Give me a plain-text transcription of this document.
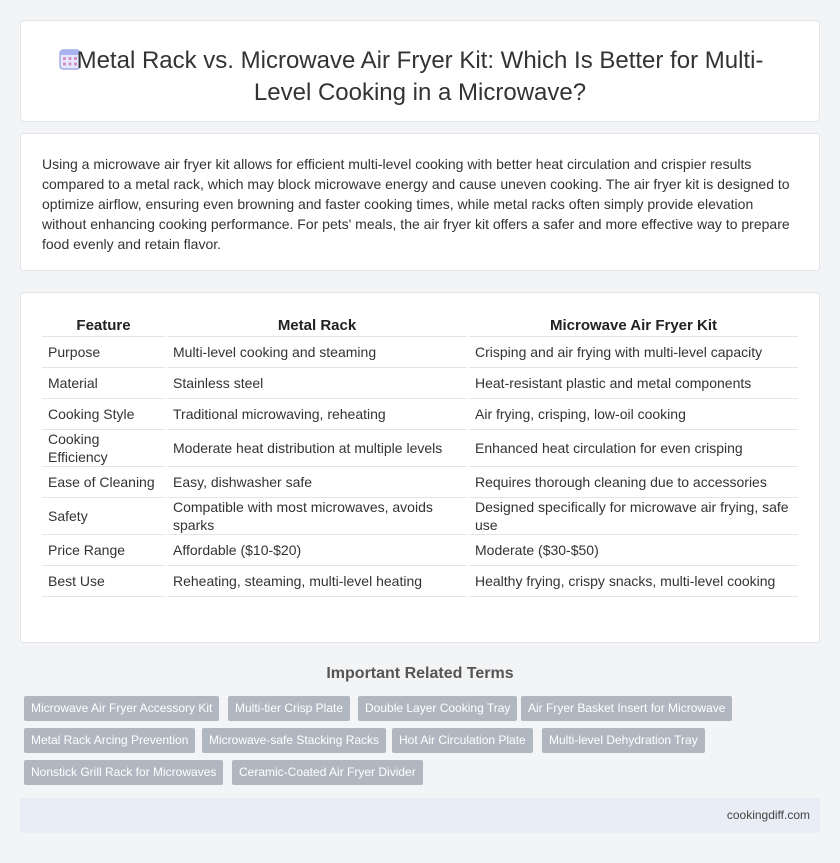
Metal Rack vs. Microwave Air Fryer Kit: Which Is Better for Multi-Level Cooking in a Microwave?

Using a microwave air fryer kit allows for efficient multi-level cooking with better heat circulation and crispier results compared to a metal rack, which may block microwave energy and cause uneven cooking. The air fryer kit is designed to optimize airflow, ensuring even browning and faster cooking times, while metal racks often simply provide elevation without enhancing cooking performance. For pets' meals, the air fryer kit offers a safer and more effective way to prepare food evenly and retain flavor.

Feature	Metal Rack	Microwave Air Fryer Kit
Purpose	Multi-level cooking and steaming	Crisping and air frying with multi-level capacity
Material	Stainless steel	Heat-resistant plastic and metal components
Cooking Style	Traditional microwaving, reheating	Air frying, crisping, low-oil cooking
Cooking Efficiency	Moderate heat distribution at multiple levels	Enhanced heat circulation for even crisping
Ease of Cleaning	Easy, dishwasher safe	Requires thorough cleaning due to accessories
Safety	Compatible with most microwaves, avoids sparks	Designed specifically for microwave air frying, safe use
Price Range	Affordable ($10-$20)	Moderate ($30-$50)
Best Use	Reheating, steaming, multi-level heating	Healthy frying, crispy snacks, multi-level cooking
Important Related Terms
Microwave Air Fryer Accessory Kit	Multi-tier Crisp Plate	Double Layer Cooking Tray	Air Fryer Basket Insert for Microwave
Metal Rack Arcing Prevention	Microwave-safe Stacking Racks	Hot Air Circulation Plate	Multi-level Dehydration Tray
Nonstick Grill Rack for Microwaves	Ceramic-Coated Air Fryer Divider
cookingdiff.com
